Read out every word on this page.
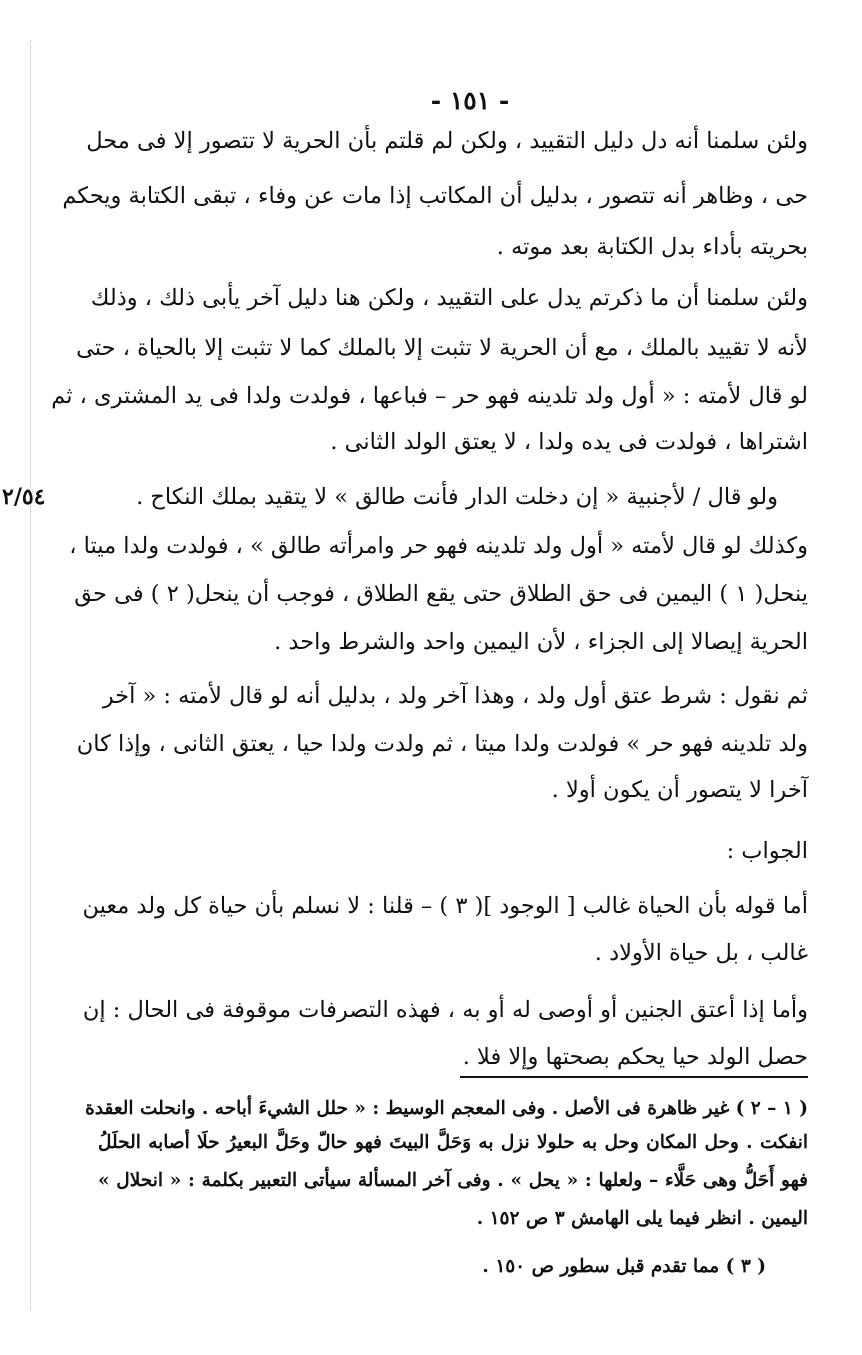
- ١٥١ -
٢/٥٤
ولئن سلمنا أنه دل دليل التقييد ، ولكن لم قلتم بأن الحرية لا تتصور إلا فى محل
حى ، وظاهر أنه تتصور ، بدليل أن المكاتب إذا مات عن وفاء ، تبقى الكتابة ويحكم
بحريته بأداء بدل الكتابة بعد موته .
ولئن سلمنا أن ما ذكرتم يدل على التقييد ، ولكن هنا دليل آخر يأبى ذلك ، وذلك
لأنه لا تقييد بالملك ، مع أن الحرية لا تثبت إلا بالملك كما لا تثبت إلا بالحياة ، حتى
لو قال لأمته : « أول ولد تلدينه فهو حر – فباعها ، فولدت ولدا فى يد المشترى ، ثم
اشتراها ، فولدت فى يده ولدا ، لا يعتق الولد الثانى .
ولو قال / لأجنبية « إن دخلت الدار فأنت طالق » لا يتقيد بملك النكاح .
وكذلك لو قال لأمته « أول ولد تلدينه فهو حر وامرأته طالق » ، فولدت ولدا ميتا ،
ينحل( ١ ) اليمين فى حق الطلاق حتى يقع الطلاق ، فوجب أن ينحل( ٢ ) فى حق
الحرية إيصالا إلى الجزاء ، لأن اليمين واحد والشرط واحد .
ثم نقول : شرط عتق أول ولد ، وهذا آخر ولد ، بدليل أنه لو قال لأمته : « آخر
ولد تلدينه فهو حر » فولدت ولدا ميتا ، ثم ولدت ولدا حيا ، يعتق الثانى ، وإذا كان
آخرا لا يتصور أن يكون أولا .
الجواب :
أما قوله بأن الحياة غالب [ الوجود ]( ٣ ) – قلنا : لا نسلم بأن حياة كل ولد معين
غالب ، بل حياة الأولاد .
وأما إذا أعتق الجنين أو أوصى له أو به ، فهذه التصرفات موقوفة فى الحال : إن
حصل الولد حيا يحكم بصحتها وإلا فلا .
( ١ – ٢ ) غير ظاهرة فى الأصل . وفى المعجم الوسيط : « حلل الشيءَ أباحه . وانحلت العقدة
انفكت . وحل المكان وحل به حلولا نزل به وَحَلَّ البيتَ فهو حالّ وحَلَّ البعيرُ حلَا أصابه الحلَلُ
فهو أَحَلُّ وهى حَلَّاء – ولعلها : « يحل » . وفى آخر المسألة سيأتى التعبير بكلمة : « انحلال »
اليمين . انظر فيما يلى الهامش ٣ ص ١٥٢ .
( ٣ ) مما تقدم قبل سطور ص ١٥٠ .
